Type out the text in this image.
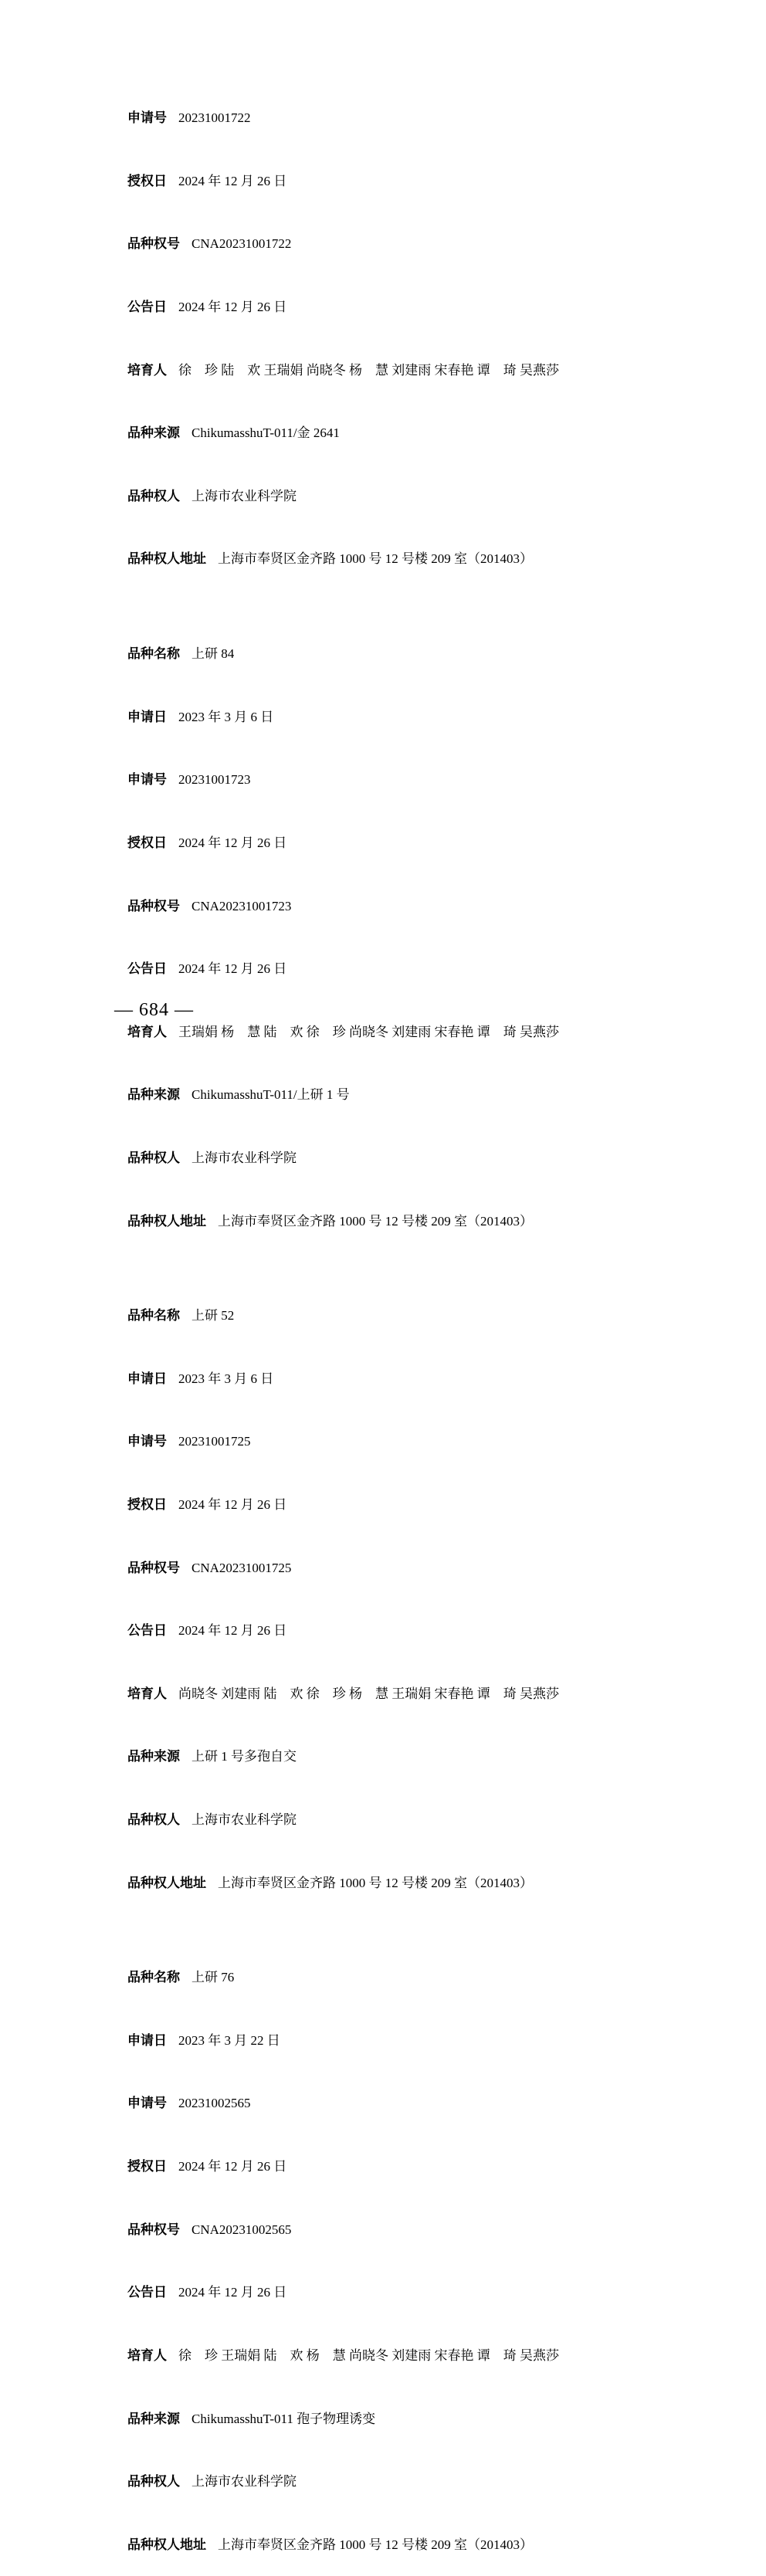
申请号 20231001722

授权日 2024 年 12 月 26 日

品种权号 CNA20231001722

公告日 2024 年 12 月 26 日

培育人 徐　珍 陆　欢 王瑞娟 尚晓冬 杨　慧 刘建雨 宋春艳 谭　琦 吴燕莎

品种来源 ChikumasshuT-011/金 2641

品种权人 上海市农业科学院

品种权人地址 上海市奉贤区金齐路 1000 号 12 号楼 209 室（201403）

品种名称 上研 84

申请日 2023 年 3 月 6 日

申请号 20231001723

授权日 2024 年 12 月 26 日

品种权号 CNA20231001723

公告日 2024 年 12 月 26 日

培育人 王瑞娟 杨　慧 陆　欢 徐　珍 尚晓冬 刘建雨 宋春艳 谭　琦 吴燕莎

品种来源 ChikumasshuT-011/上研 1 号

品种权人 上海市农业科学院

品种权人地址 上海市奉贤区金齐路 1000 号 12 号楼 209 室（201403）

品种名称 上研 52

申请日 2023 年 3 月 6 日

申请号 20231001725

授权日 2024 年 12 月 26 日

品种权号 CNA20231001725

公告日 2024 年 12 月 26 日

培育人 尚晓冬 刘建雨 陆　欢 徐　珍 杨　慧 王瑞娟 宋春艳 谭　琦 吴燕莎

品种来源 上研 1 号多孢自交

品种权人 上海市农业科学院

品种权人地址 上海市奉贤区金齐路 1000 号 12 号楼 209 室（201403）

品种名称 上研 76

申请日 2023 年 3 月 22 日

申请号 20231002565

授权日 2024 年 12 月 26 日

品种权号 CNA20231002565

公告日 2024 年 12 月 26 日

培育人 徐　珍 王瑞娟 陆　欢 杨　慧 尚晓冬 刘建雨 宋春艳 谭　琦 吴燕莎

品种来源 ChikumasshuT-011 孢子物理诱变

品种权人 上海市农业科学院

品种权人地址 上海市奉贤区金齐路 1000 号 12 号楼 209 室（201403）

— 684 —
